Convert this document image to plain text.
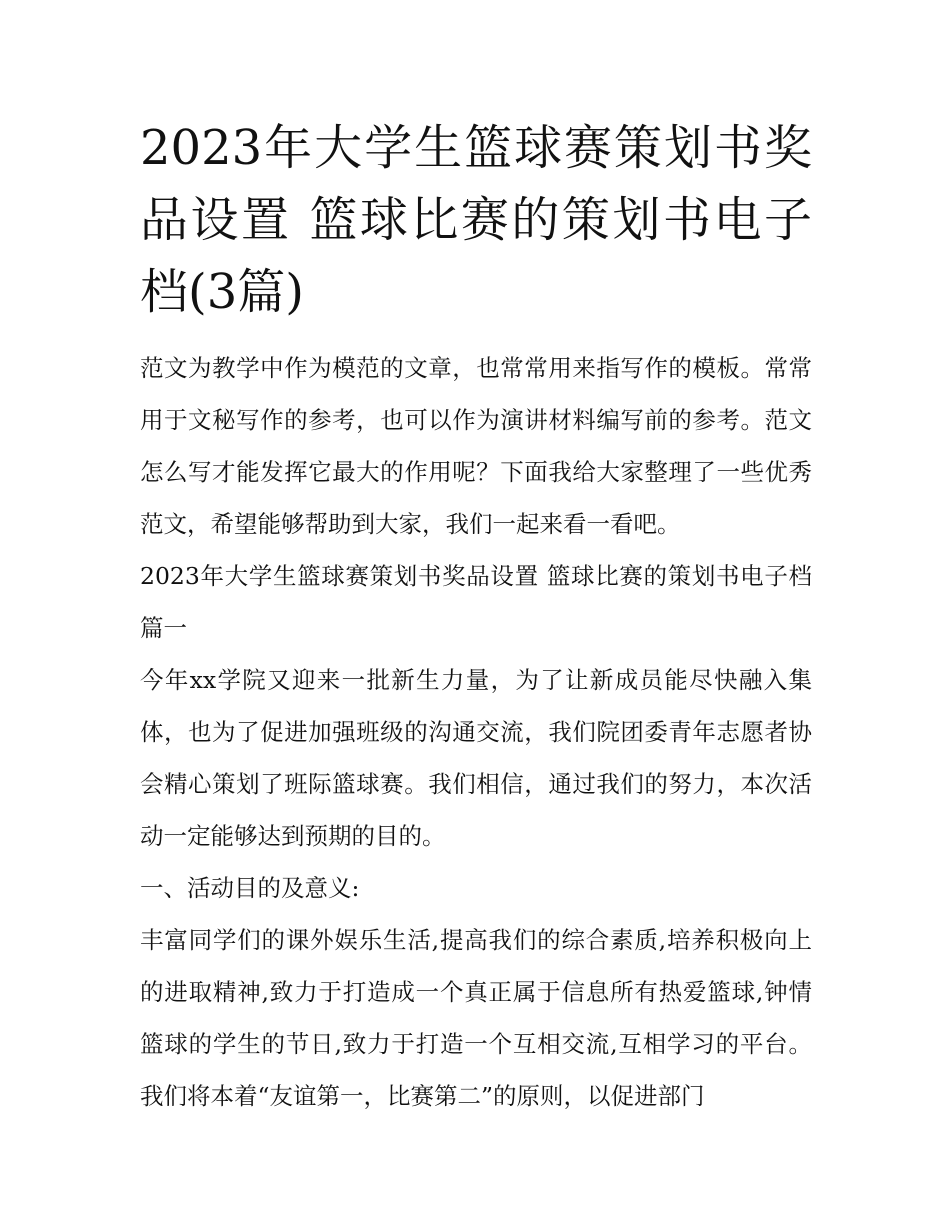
2023年大学生篮球赛策划书奖品设置 篮球比赛的策划书电子档(3篇)

范文为教学中作为模范的文章，也常常用来指写作的模板。常常用于文秘写作的参考，也可以作为演讲材料编写前的参考。范文怎么写才能发挥它最大的作用呢？下面我给大家整理了一些优秀范文，希望能够帮助到大家，我们一起来看一看吧。

2023年大学生篮球赛策划书奖品设置 篮球比赛的策划书电子档篇一

今年xx学院又迎来一批新生力量，为了让新成员能尽快融入集体，也为了促进加强班级的沟通交流，我们院团委青年志愿者协会精心策划了班际篮球赛。我们相信，通过我们的努力，本次活动一定能够达到预期的目的。

一、活动目的及意义:

丰富同学们的课外娱乐生活,提高我们的综合素质,培养积极向上的进取精神,致力于打造成一个真正属于信息所有热爱篮球,钟情篮球的学生的节日,致力于打造一个互相交流,互相学习的平台。我们将本着“友谊第一，比赛第二”的原则，以促进部门
